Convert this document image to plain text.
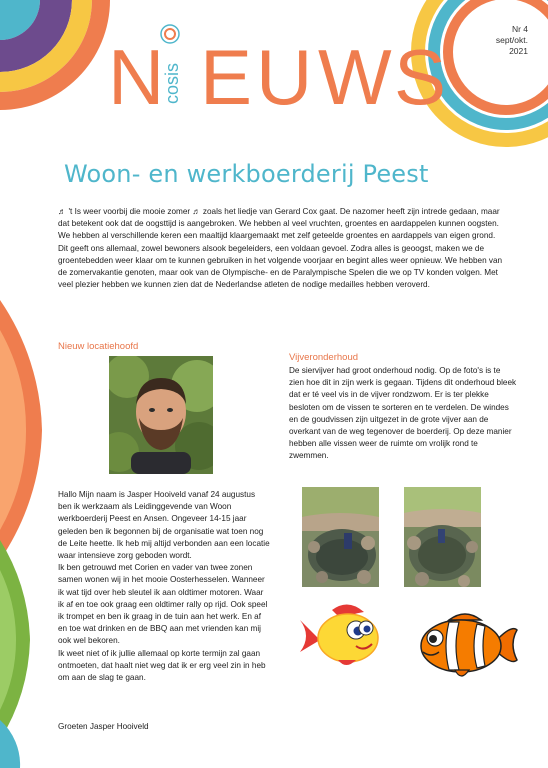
N
cosis E U W S
Nr 4
sept/okt.
2021
Woon- en werkboerderij Peest

♬ 't Is weer voorbij die mooie zomer ♬ zoals het liedje van Gerard Cox gaat. De nazomer heeft zijn intrede gedaan, maar dat betekent ook dat de oogsttijd is aangebroken. We hebben al veel vruchten, groentes en aardappelen kunnen oogsten. We hebben al verschillende keren een maaltijd klaargemaakt met zelf geteelde groentes en aardappels van eigen grond. Dit geeft ons allemaal, zowel bewoners alsook begeleiders, een voldaan gevoel. Zodra alles is geoogst, maken we de groentebedden weer klaar om te kunnen gebruiken in het volgende voorjaar en begint alles weer opnieuw. We hebben van de zomervakantie genoten, maar ook van de Olympische- en de Paralympische Spelen die we op TV konden volgen. Met veel plezier hebben we kunnen zien dat de Nederlandse atleten de nodige medailles hebben veroverd.

Nieuw locatiehoofd

Hallo Mijn naam is Jasper Hooiveld vanaf 24 augustus ben ik werkzaam als Leidinggevende van Woon werkboerderij Peest en Ansen. Ongeveer 14-15 jaar geleden ben ik begonnen bij de organisatie wat toen nog de Leite heette. Ik heb mij altijd verbonden aan een locatie waar intensieve zorg geboden wordt.
Ik ben getrouwd met Corien en vader van twee zonen samen wonen wij in het mooie Oosterhesselen. Wanneer ik wat tijd over heb sleutel ik aan oldtimer motoren. Waar ik af en toe ook graag een oldtimer rally op rijd. Ook speel ik trompet en ben ik graag in de tuin aan het werk. En af en toe wat drinken en de BBQ aan met vrienden kan mij ook wel bekoren.
Ik weet niet of ik jullie allemaal op korte termijn zal gaan ontmoeten, dat haalt niet weg dat ik er erg veel zin in heb om aan de slag te gaan.

Groeten Jasper Hooiveld

Vijveronderhoud

De siervijver had groot onderhoud nodig. Op de foto's is te zien hoe dit in zijn werk is gegaan. Tijdens dit onderhoud bleek dat er té veel vis in de vijver rondzwom. Er is ter plekke besloten om de vissen te sorteren en te verdelen. De windes en de goudvissen zijn uitgezet in de grote vijver aan de overkant van de weg tegenover de boerderij. Op deze manier hebben alle vissen weer de ruimte om vrolijk rond te zwemmen.
